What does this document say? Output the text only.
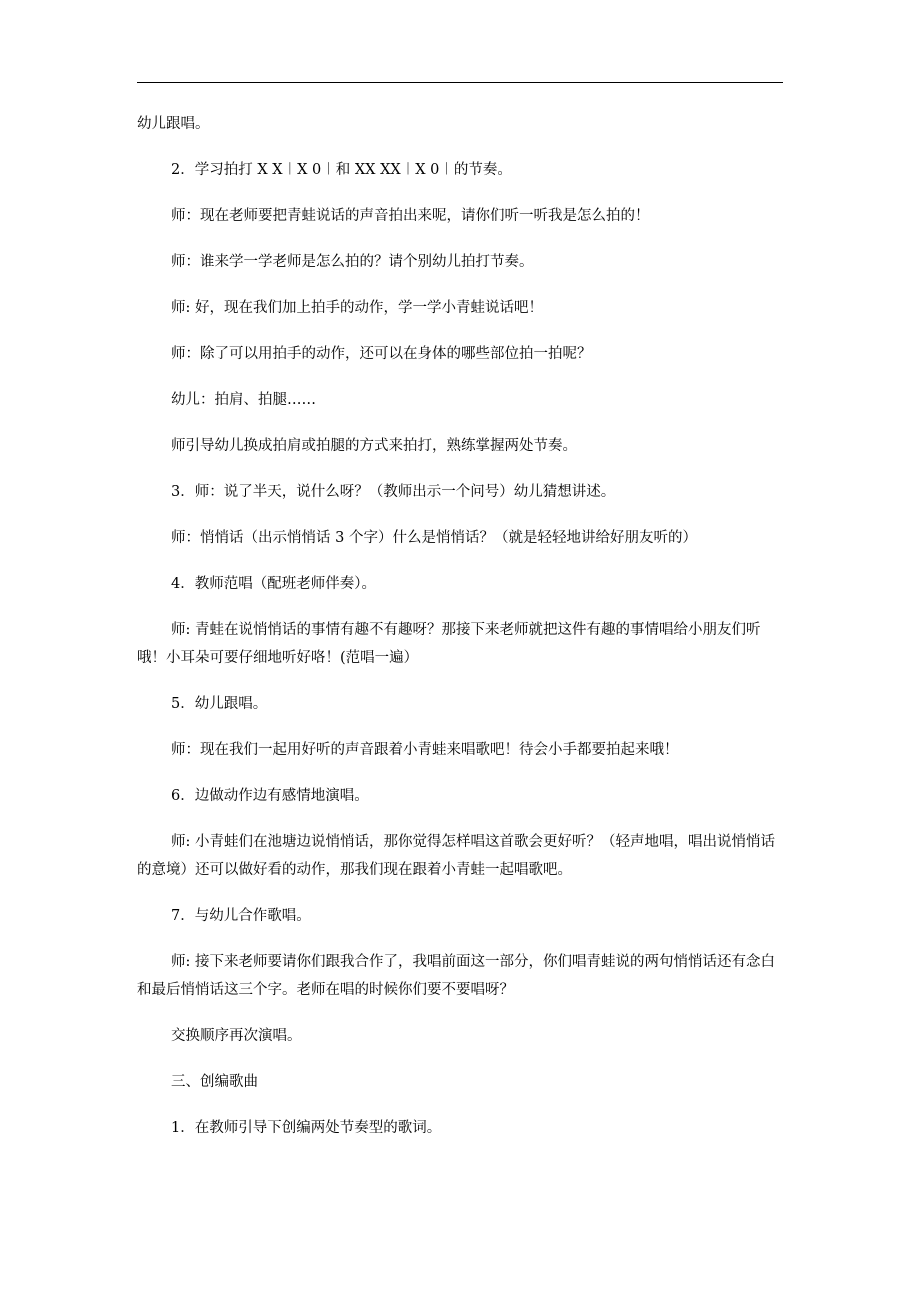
幼儿跟唱。

2．学习拍打 X X︱X 0︱和 XX XX︱X 0︱的节奏。

师：现在老师要把青蛙说话的声音拍出来呢，请你们听一听我是怎么拍的！

师：谁来学一学老师是怎么拍的？请个别幼儿拍打节奏。

师: 好，现在我们加上拍手的动作，学一学小青蛙说话吧！

师：除了可以用拍手的动作，还可以在身体的哪些部位拍一拍呢？

幼儿：拍肩、拍腿……

师引导幼儿换成拍肩或拍腿的方式来拍打，熟练掌握两处节奏。

3．师：说了半天，说什么呀？（教师出示一个问号）幼儿猜想讲述。

师：悄悄话（出示悄悄话 3 个字）什么是悄悄话？（就是轻轻地讲给好朋友听的）

4．教师范唱（配班老师伴奏）。

师: 青蛙在说悄悄话的事情有趣不有趣呀？那接下来老师就把这件有趣的事情唱给小朋友们听哦！小耳朵可要仔细地听好咯！(范唱一遍）

5．幼儿跟唱。

师：现在我们一起用好听的声音跟着小青蛙来唱歌吧！待会小手都要拍起来哦！

6．边做动作边有感情地演唱。

师: 小青蛙们在池塘边说悄悄话，那你觉得怎样唱这首歌会更好听？（轻声地唱，唱出说悄悄话的意境）还可以做好看的动作，那我们现在跟着小青蛙一起唱歌吧。

7．与幼儿合作歌唱。

师: 接下来老师要请你们跟我合作了，我唱前面这一部分，你们唱青蛙说的两句悄悄话还有念白和最后悄悄话这三个字。老师在唱的时候你们要不要唱呀？

交换顺序再次演唱。

三、创编歌曲

1．在教师引导下创编两处节奏型的歌词。
